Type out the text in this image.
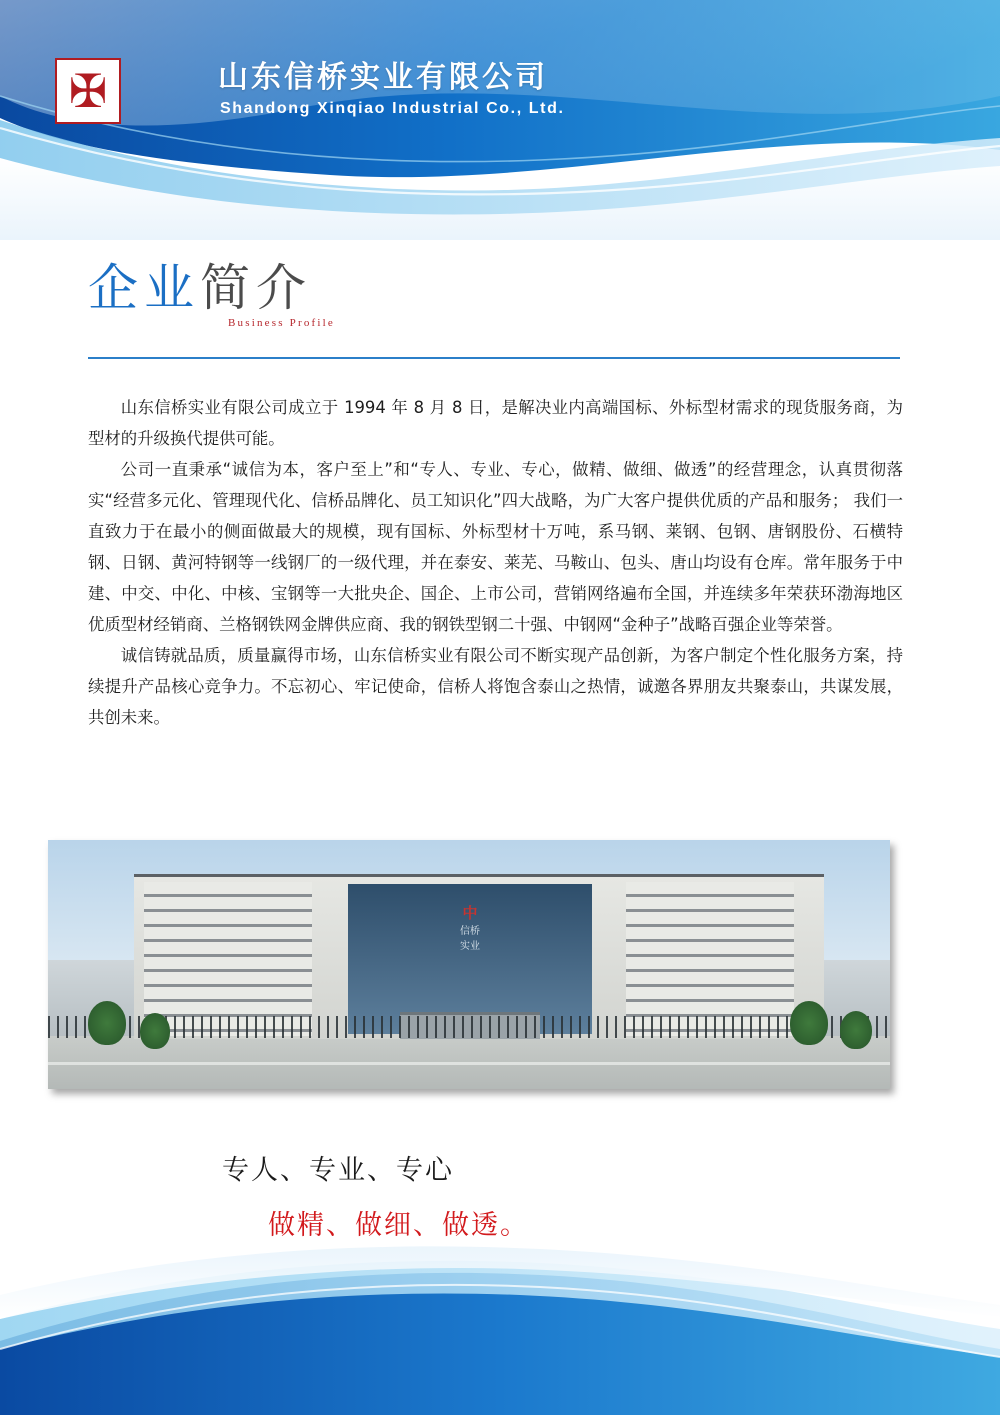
✠	山东信桥实业有限公司
Shandong Xinqiao Industrial Co., Ltd.
企业简介
Business Profile

山东信桥实业有限公司成立于 1994 年 8 月 8 日，是解决业内高端国标、外标型材需求的现货服务商，为型材的升级换代提供可能。

公司一直秉承“诚信为本，客户至上”和“专人、专业、专心，做精、做细、做透”的经营理念，认真贯彻落实“经营多元化、管理现代化、信桥品牌化、员工知识化”四大战略，为广大客户提供优质的产品和服务； 我们一直致力于在最小的侧面做最大的规模，现有国标、外标型材十万吨，系马钢、莱钢、包钢、唐钢股份、石横特钢、日钢、黄河特钢等一线钢厂的一级代理，并在泰安、莱芜、马鞍山、包头、唐山均设有仓库。常年服务于中建、中交、中化、中核、宝钢等一大批央企、国企、上市公司，营销网络遍布全国，并连续多年荣获环渤海地区优质型材经销商、兰格钢铁网金牌供应商、我的钢铁型钢二十强、中钢网“金种子”战略百强企业等荣誉。

诚信铸就品质，质量赢得市场，山东信桥实业有限公司不断实现产品创新，为客户制定个性化服务方案，持续提升产品核心竞争力。不忘初心、牢记使命，信桥人将饱含泰山之热情，诚邀各界朋友共聚泰山，共谋发展，共创未来。

中
信桥
实业
专人、专业、专心
做精、做细、做透。
